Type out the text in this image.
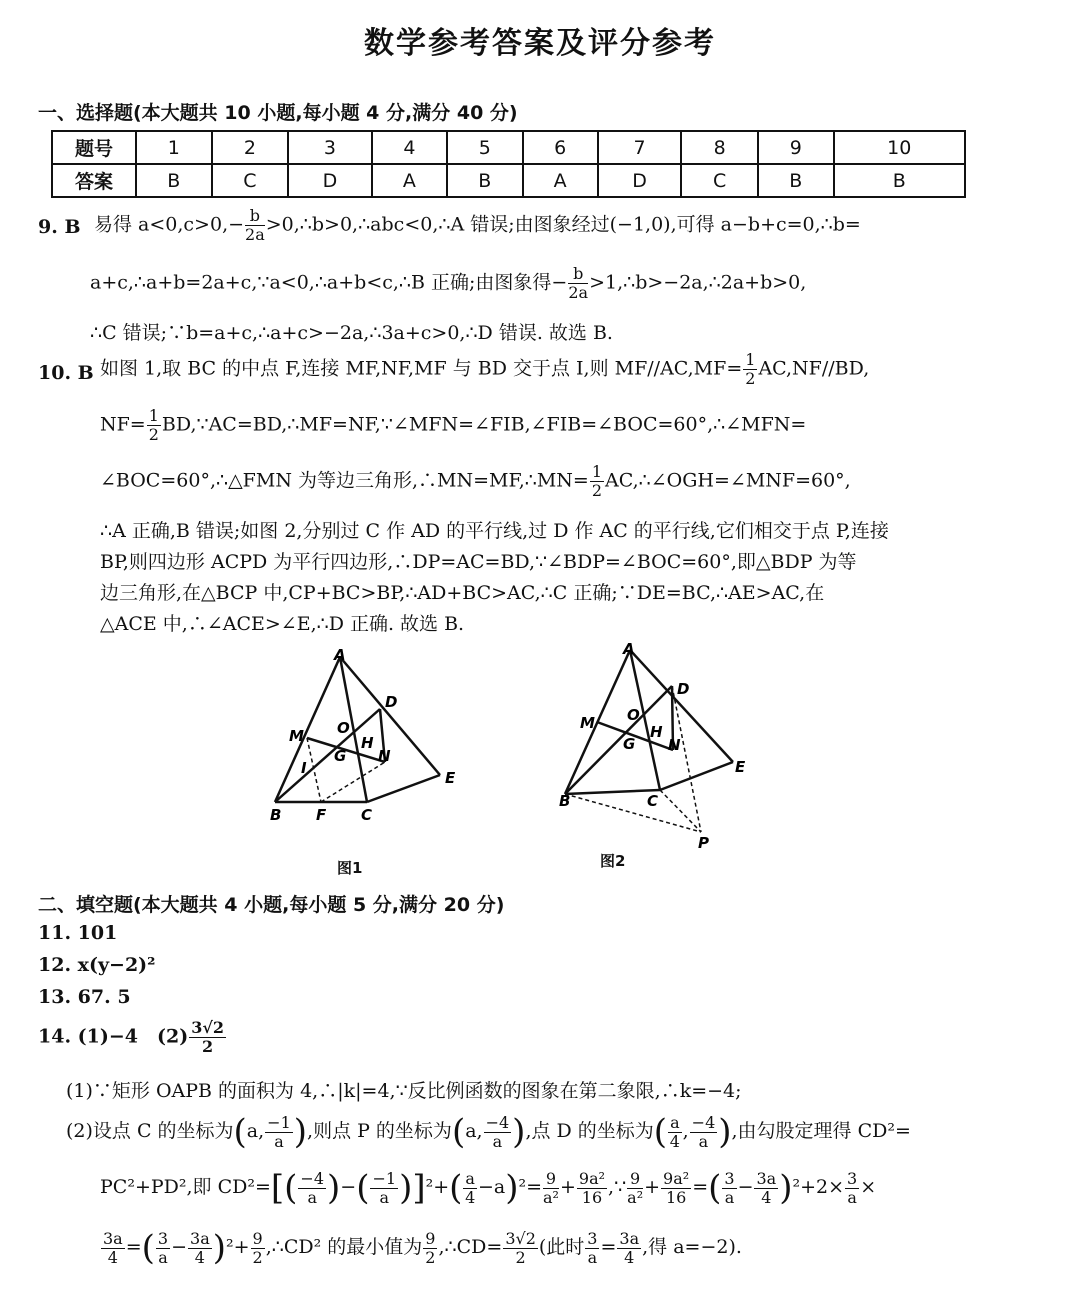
数学参考答案及评分参考
一、选择题(本大题共 10 小题,每小题 4 分,满分 40 分)
题号	1	2	3	4	5	6	7	8	9	10
答案	B	C	D	A	B	A	D	C	B	B
9. B 易得 $a<0,c>0,- \frac{b}{2a}$ >0,∴b>0,∴abc<0,∴A 错误;由图象经过(−1,0),可得 a−b+c=0,∴b=
a+c,∴a+b=2a+c,∵a<0,∴a+b<c,∴B 正确;由图象得− $\frac{b}{2a}$ >1,∴b>−2a,∴2a+b>0,
∴C 错误;∵b=a+c,∴a+c>−2a,∴3a+c>0,∴D 错误. 故选 B.
10. B 如图 1,取 BC 的中点 F,连接 MF,NF,MF 与 BD 交于点 I,则 $MF//AC,MF= \frac{1}{2} AC,NF//BD$,
$NF= \frac{1}{2}$ BD,∵AC=BD,∴MF=NF,∵∠MFN=∠FIB,∠FIB=∠BOC=60°,∴∠MFN=
∠BOC=60°,∴△FMN 为等边三角形,∴MN=MF,∴MN= $\frac{1}{2}$ AC,∴∠OGH=∠MNF=60°,
∴A 正确,B 错误;如图 2,分别过 C 作 AD 的平行线,过 D 作 AC 的平行线,它们相交于点 P,连接
BP,则四边形 ACPD 为平行四边形,∴DP=AC=BD,∵∠BDP=∠BOC=60°,即△BDP 为等
边三角形,在△BCP 中,CP+BC>BP,∴AD+BC>AC,∴C 正确;∵DE=BC,∴AE>AC,在
△ACE 中,∴∠ACE>∠E,∴D 正确. 故选 B.
A
D
M O
H
G N
I
E
B F C
图1
A
D
M O
H
G N
E
B	C
P
图2
二、填空题(本大题共 4 小题,每小题 5 分,满分 20 分)
11. 101
12. x(y−2)²
13. 67. 5
14. (1)−4　$(2) \frac{3√2}{2}$
(1)∵矩形 OAPB 的面积为 4,∴|k|=4,∵反比例函数的图象在第二象限,∴k=−4;
(2)设点 C 的坐标为(a, $\frac{-1}{a}$ ),则点 P 的坐标为(a, $\frac{-4}{a}$ ),点 D 的坐标为( $\frac{a}{4}$ , $\frac{-4}{a}$ ),由勾股定理得 CD²=
PC²+PD²,即 $CD^2=[( \frac{-4}{a}$ )−( $\frac{-1}{a} )]^2+( \frac{a}{4} -a)^2= \frac{9}{\text{a²}} + \frac{\text{9a²}}{16}$ ,∵ $\frac{9}{\text{a²}} + \frac{\text{9a²}}{16}$ =( $\frac{3}{a} - \frac{3a}{4} )^2+2\times \frac{3}{a}$ ×
$\frac{3a}{4}$ =( $\frac{3}{a} - \frac{3a}{4} )^2+ \frac{9}{2}$ ,∴CD² 的最小值为 $\frac{9}{2}$ ,∴CD= $\frac{3√2}{2}$ (此时 $\frac{3}{a} = \frac{3a}{4}$ ,得 a=−2).
